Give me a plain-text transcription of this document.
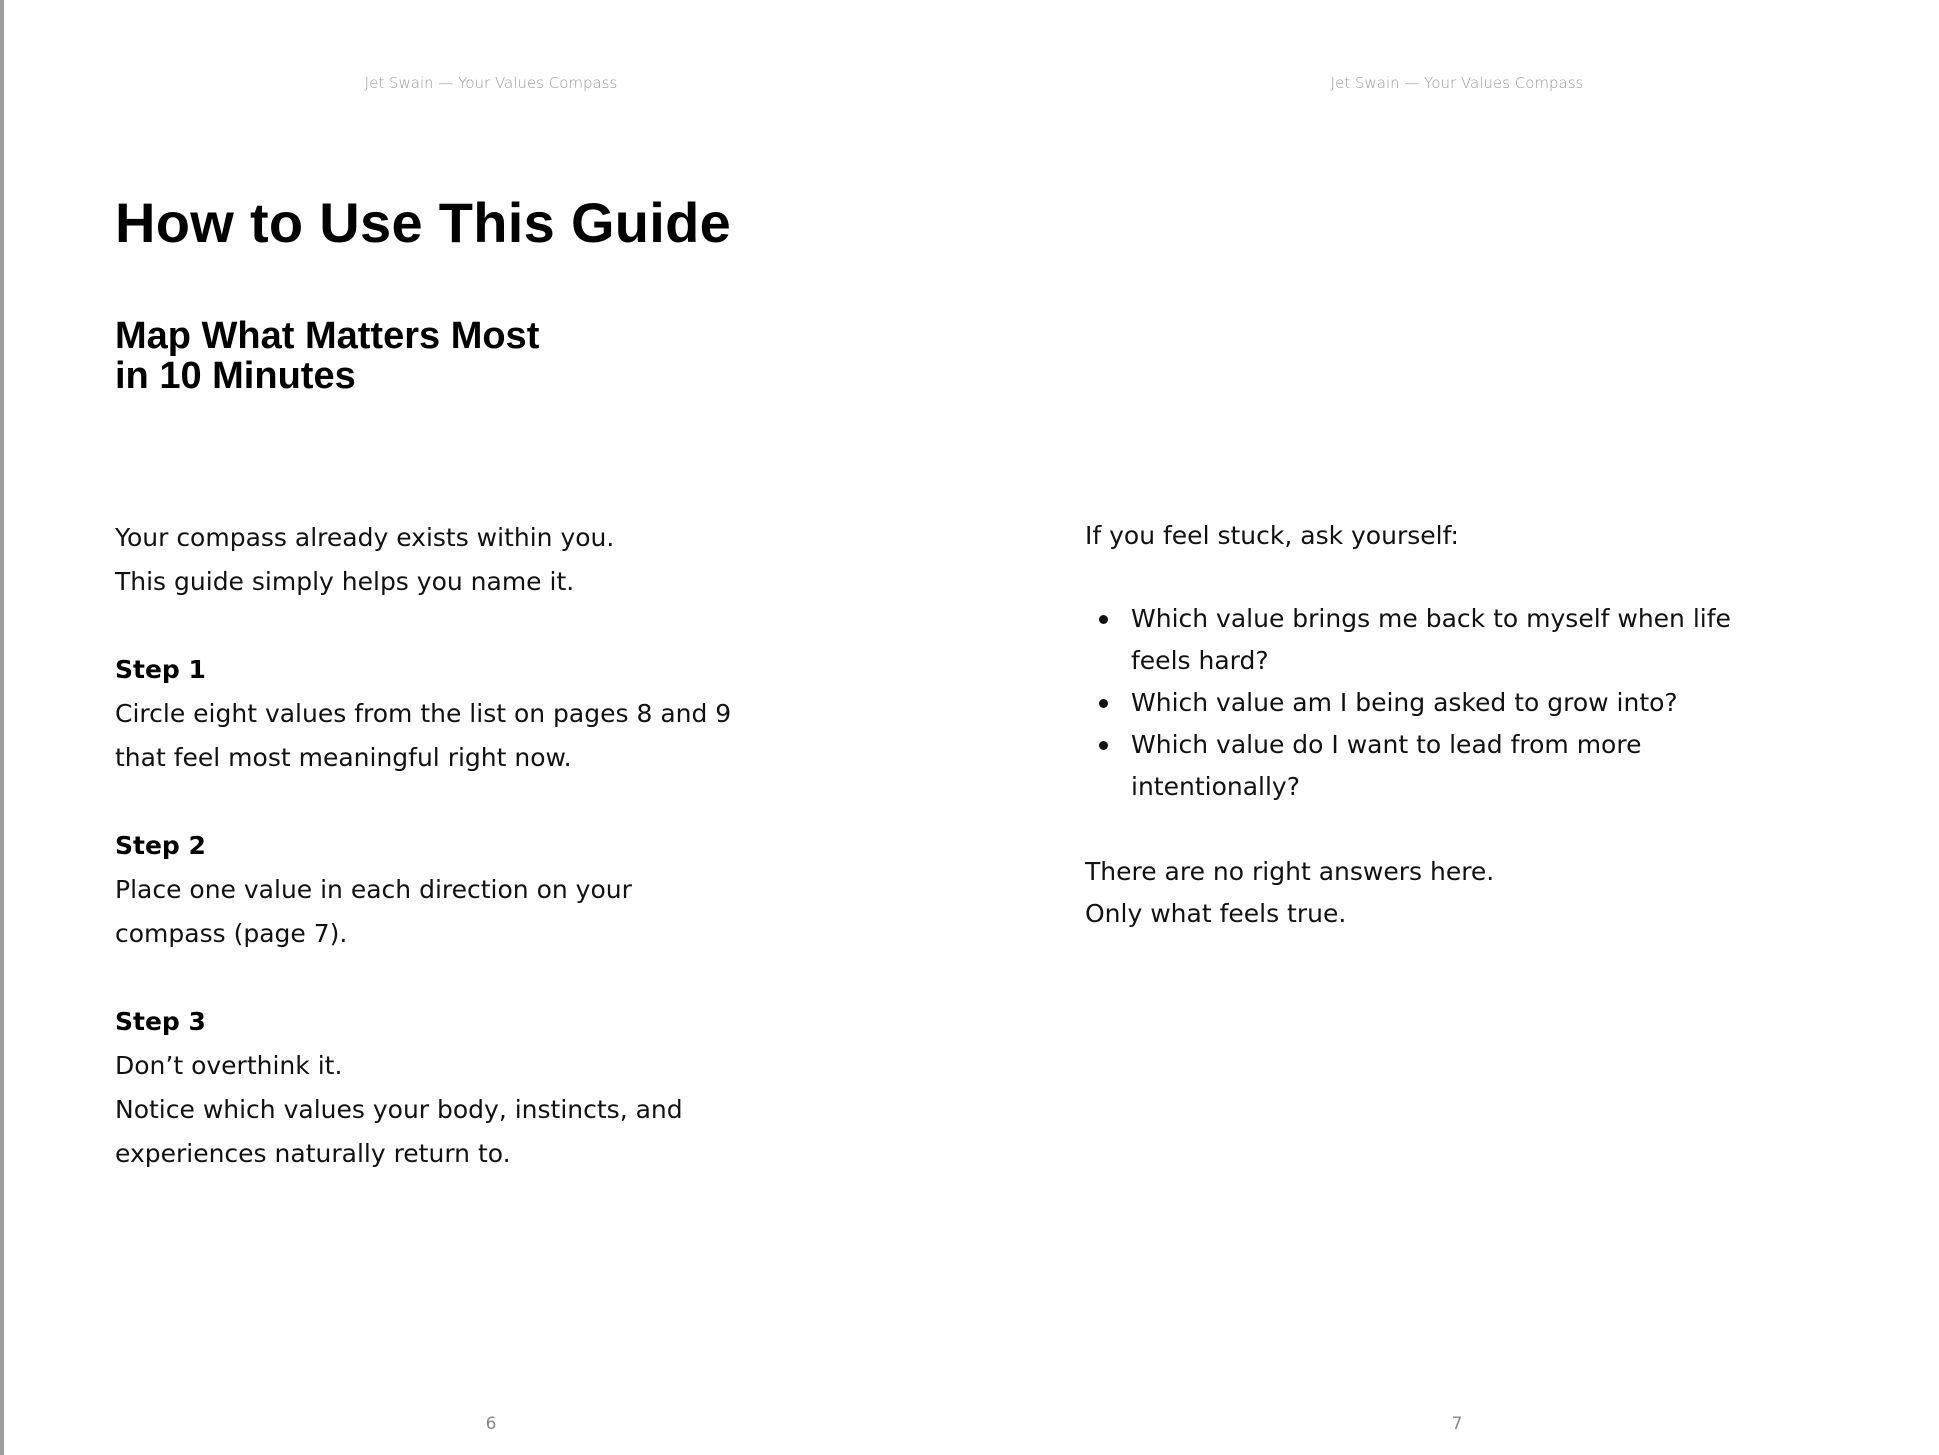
Jet Swain — Your Values Compass
How to Use This Guide
Map What Matters Most
in 10 Minutes
Your compass already exists within you.
This guide simply helps you name it.
Step 1
Circle eight values from the list on pages 8 and 9
that feel most meaningful right now.
Step 2
Place one value in each direction on your
compass (page 7).
Step 3
Don’t overthink it.
Notice which values your body, instincts, and
experiences naturally return to.
6
Jet Swain — Your Values Compass
If you feel stuck, ask yourself:
Which value brings me back to myself when life
feels hard?
Which value am I being asked to grow into?
Which value do I want to lead from more
intentionally?
There are no right answers here.
Only what feels true.
7
